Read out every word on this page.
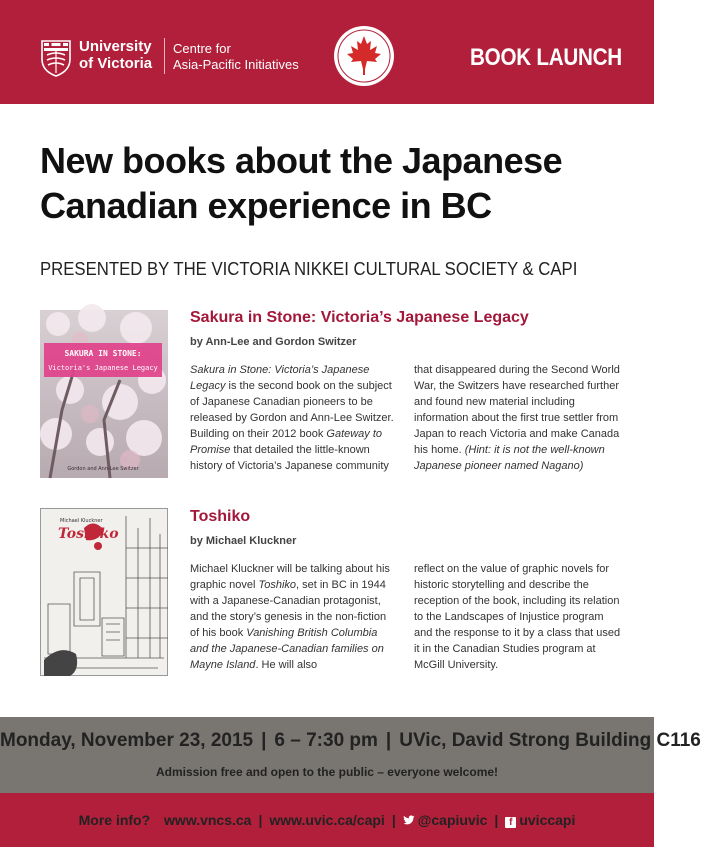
University
of Victoria
Centre for
Asia-Pacific Initiatives	BOOK LAUNCH
New books about the Japanese
Canadian experience in BC
PRESENTED BY THE VICTORIA NIKKEI CULTURAL SOCIETY & CAPI
SAKURA IN STONE:
Victoria's Japanese Legacy
Gordon and Ann-Lee Switzer
Sakura in Stone: Victoria’s Japanese Legacy
by Ann-Lee and Gordon Switzer
Sakura in Stone: Victoria’s Japanese Legacy is the second book on the subject of Japanese Canadian pioneers to be released by Gordon and Ann-Lee Switzer. Building on their 2012 book Gateway to Promise that detailed the little-known history of Victoria’s Japanese community
that disappeared during the Second World War, the Switzers have researched further and found new material including information about the first true settler from Japan to reach Victoria and make Canada his home. (Hint: it is not the well-known Japanese pioneer named Nagano)
Michael Kluckner
Toshiko
Toshiko
by Michael Kluckner
Michael Kluckner will be talking about his graphic novel Toshiko, set in BC in 1944 with a Japanese-Canadian protagonist, and the story’s genesis in the non-fiction of his book Vanishing British Columbia and the Japanese-Canadian families on Mayne Island. He will also
reflect on the value of graphic novels for historic storytelling and describe the reception of the book, including its relation to the Landscapes of Injustice program and the response to it by a class that used it in the Canadian Studies program at McGill University.
Monday, November 23, 2015 | 6 – 7:30 pm | UVic, David Strong Building C116
Admission free and open to the public – everyone welcome!
More info? www.vncs.ca | www.uvic.ca/capi | @capiuvic | f uviccapi
